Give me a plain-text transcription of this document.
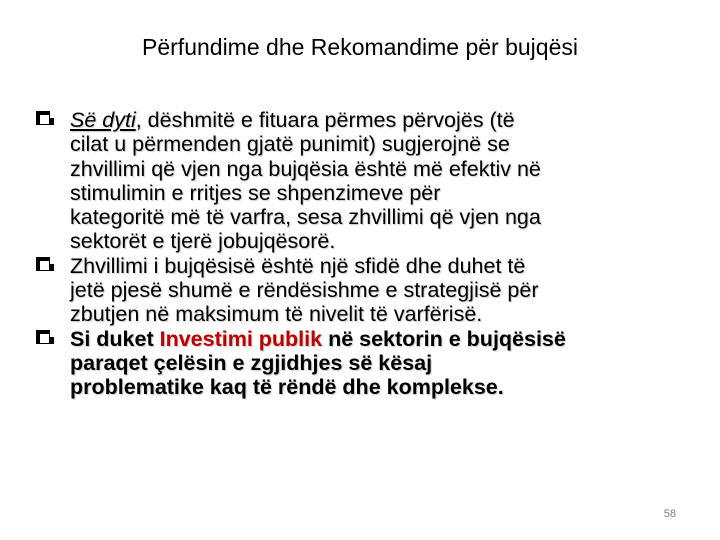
Përfundime dhe Rekomandime për bujqësi
Së dyti, dëshmitë e fituara përmes përvojës (të
cilat u përmenden gjatë punimit) sugjerojnë se
zhvillimi që vjen nga bujqësia është më efektiv në
stimulimin e rritjes se shpenzimeve për
kategoritë më të varfra, sesa zhvillimi që vjen nga
sektorët e tjerë jobujqësorë.
Zhvillimi i bujqësisë është një sfidë dhe duhet të
jetë pjesë shumë e rëndësishme e strategjisë për
zbutjen në maksimum të nivelit të varfërisë.
Si duket Investimi publik në sektorin e bujqësisë
paraqet çelësin e zgjidhjes së kësaj
problematike kaq të rëndë dhe komplekse.
58
